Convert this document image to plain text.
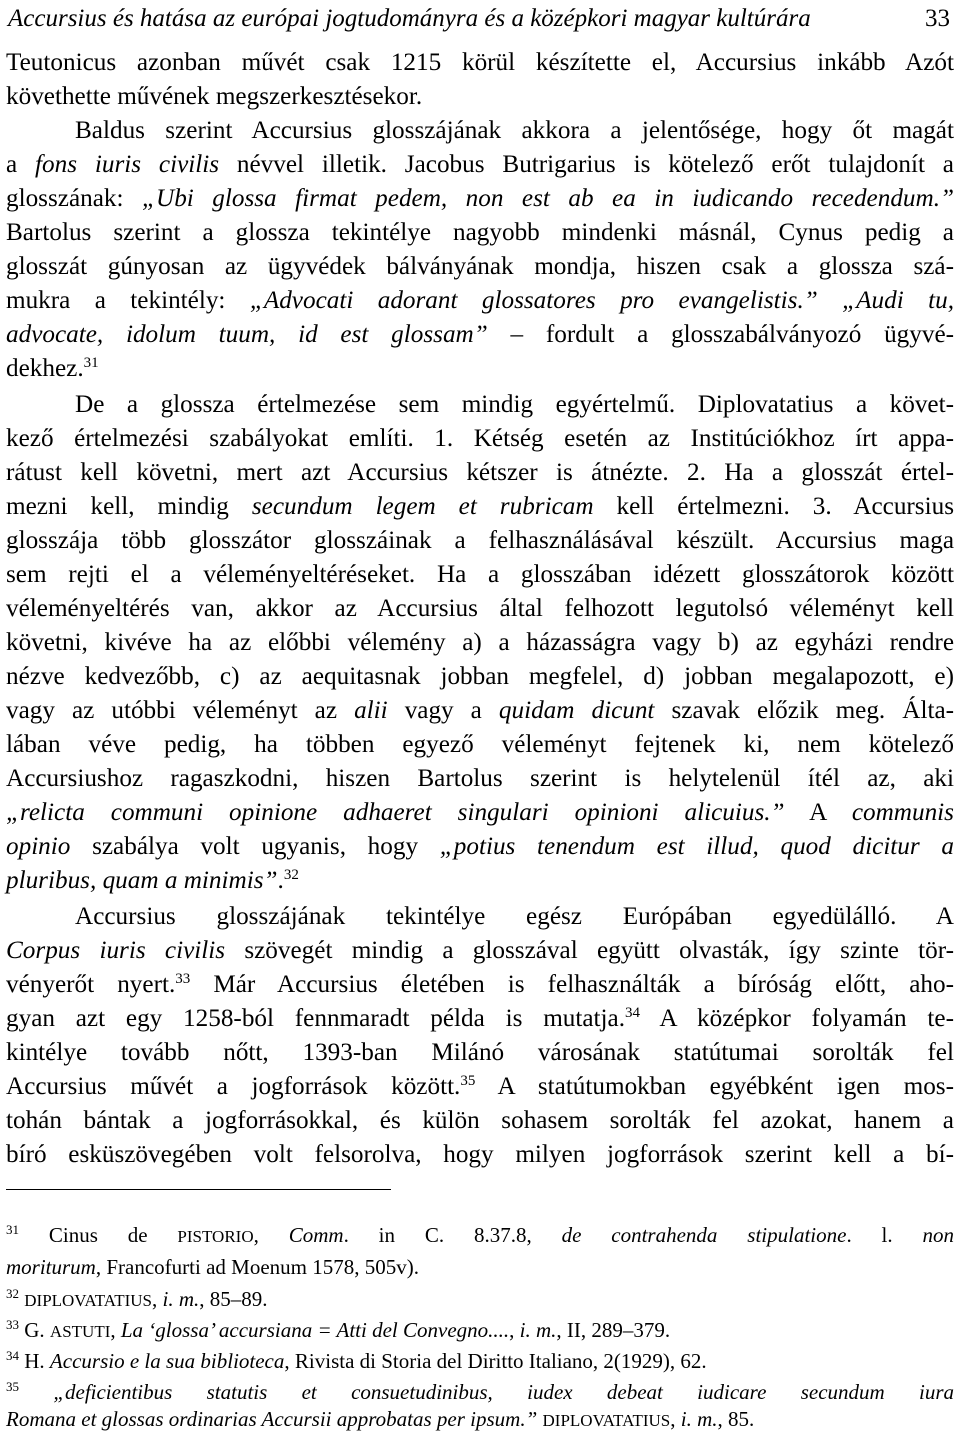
Accursius és hatása az európai jogtudományra és a középkori magyar kultúrára	33
Teutonicus azonban művét csak 1215 körül készítette el, Accursius inkább Azót
követhette művének megszerkesztésekor.
Baldus szerint Accursius glosszájának akkora a jelentősége, hogy őt magát
a fons iuris civilis névvel illetik. Jacobus Butrigarius is kötelező erőt tulajdonít a
glosszának: „Ubi glossa firmat pedem, non est ab ea in iudicando recedendum.”
Bartolus szerint a glossza tekintélye nagyobb mindenki másnál, Cynus pedig a
glosszát gúnyosan az ügyvédek bálványának mondja, hiszen csak a glossza szá-
mukra a tekintély: „Advocati adorant glossatores pro evangelistis.” „Audi tu,
advocate, idolum tuum, id est glossam” – fordult a glosszabálványozó ügyvé-
dekhez.$^{31}$
De a glossza értelmezése sem mindig egyértelmű. Diplovatatius a követ-
kező értelmezési szabályokat említi. 1. Kétség esetén az Institúciókhoz írt appa-
rátust kell követni, mert azt Accursius kétszer is átnézte. 2. Ha a glosszát értel-
mezni kell, mindig secundum legem et rubricam kell értelmezni. 3. Accursius
glosszája több glosszátor glosszáinak a felhasználásával készült. Accursius maga
sem rejti el a véleményeltéréseket. Ha a glosszában idézett glosszátorok között
véleményeltérés van, akkor az Accursius által felhozott legutolsó véleményt kell
követni, kivéve ha az előbbi vélemény a) a házasságra vagy b) az egyházi rendre
nézve kedvezőbb, c) az aequitasnak jobban megfelel, d) jobban megalapozott, e)
vagy az utóbbi véleményt az alii vagy a quidam dicunt szavak előzik meg. Álta-
lában véve pedig, ha többen egyező véleményt fejtenek ki, nem kötelező
Accursiushoz ragaszkodni, hiszen Bartolus szerint is helytelenül ítél az, aki
„relicta communi opinione adhaeret singulari opinioni alicuius.” A communis
opinio szabálya volt ugyanis, hogy „potius tenendum est illud, quod dicitur a
pluribus, quam a minimis”.$^{32}$
Accursius glosszájának tekintélye egész Európában egyedülálló. A
Corpus iuris civilis szövegét mindig a glosszával együtt olvasták, így szinte tör-
vényerőt nyert.$^{33}$ Már Accursius életében is felhasználták a bíróság előtt, aho-
gyan azt egy 1258-ból fennmaradt példa is mutatja.$^{34}$ A középkor folyamán te-
kintélye tovább nőtt, 1393-ban Milánó városának statútumai sorolták fel
Accursius művét a jogforrások között.$^{35}$ A statútumokban egyébként igen mos-
tohán bántak a jogforrásokkal, és külön sohasem sorolták fel azokat, hanem a
bíró esküszövegében volt felsorolva, hogy milyen jogforrások szerint kell a bí-
$^{31}$ Cinus de PISTORIO, Comm. in C. 8.37.8, de contrahenda stipulatione. l. non
moriturum, Francofurti ad Moenum 1578, 505v).
$^{32}$ DIPLOVATATIUS, i. m., 85–89.
$^{33}$ G. ASTUTI, La ‘glossa’ accursiana = Atti del Convegno...., i. m., II, 289–379.
$^{34}$ H. Accursio e la sua biblioteca, Rivista di Storia del Diritto Italiano, 2(1929), 62.
$^{35}$ „deficientibus statutis et consuetudinibus, iudex debeat iudicare secundum iura
Romana et glossas ordinarias Accursii approbatas per ipsum.” DIPLOVATATIUS, i. m., 85.
